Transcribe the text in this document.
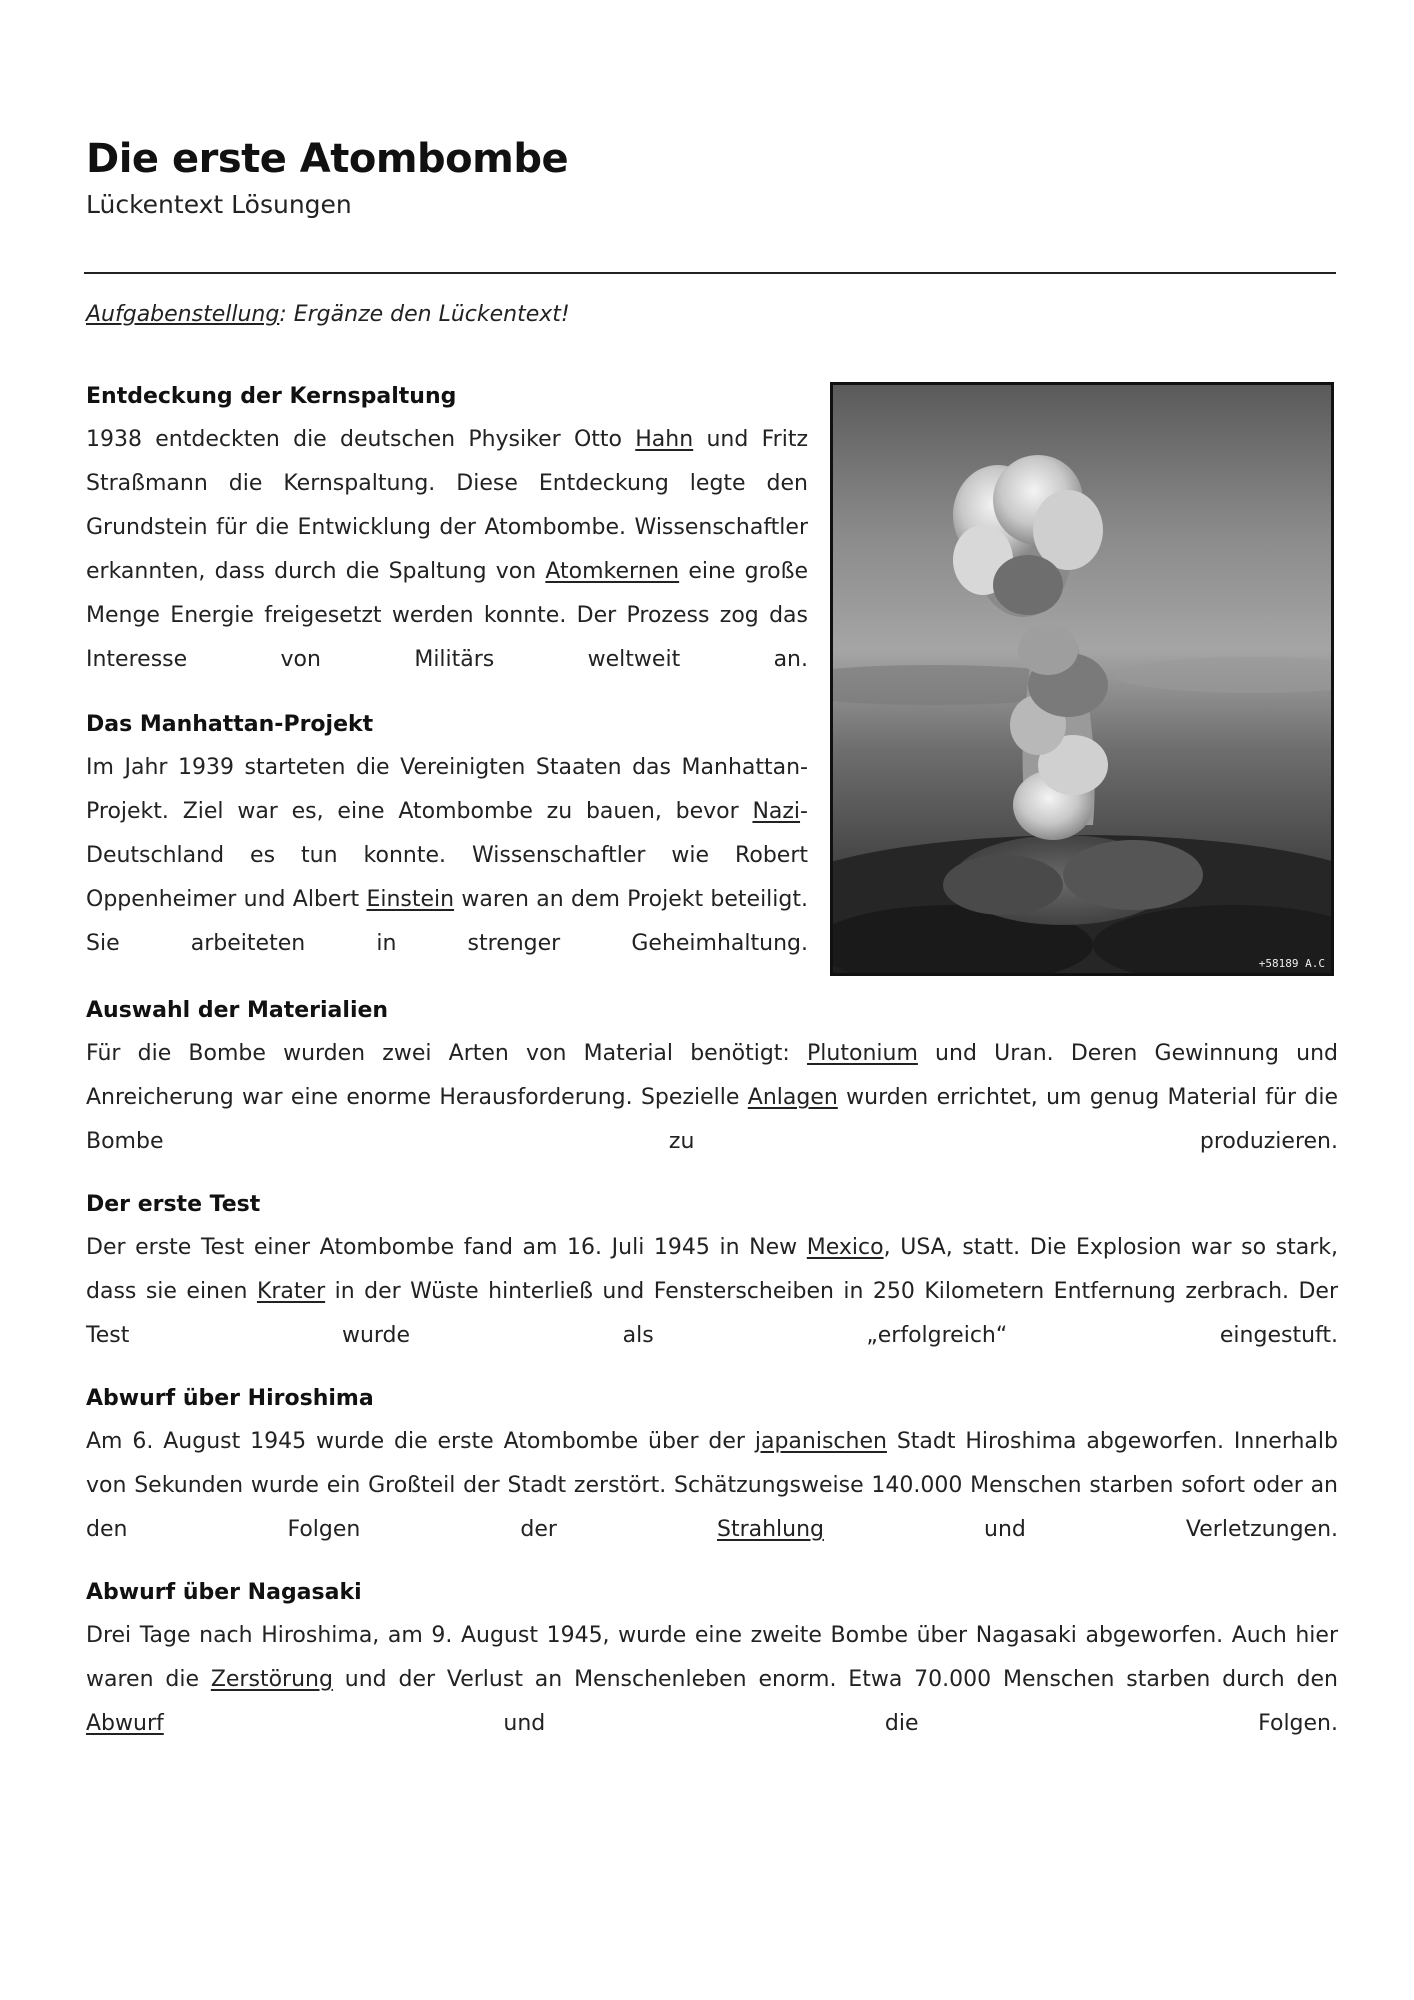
Die erste Atombombe
Lückentext Lösungen
Aufgabenstellung: Ergänze den Lückentext!
Entdeckung der Kernspaltung

1938 entdeckten die deutschen Physiker Otto Hahn und Fritz Straßmann die Kernspaltung. Diese Entdeckung legte den Grundstein für die Entwicklung der Atombombe. Wissenschaftler erkannten, dass durch die Spaltung von Atomkernen eine große Menge Energie freigesetzt werden konnte. Der Prozess zog das Interesse von Militärs weltweit an.

Das Manhattan-Projekt

Im Jahr 1939 starteten die Vereinigten Staaten das Manhattan-Projekt. Ziel war es, eine Atombombe zu bauen, bevor Nazi-Deutschland es tun konnte. Wissenschaftler wie Robert Oppenheimer und Albert Einstein waren an dem Projekt beteiligt. Sie arbeiteten in strenger Geheimhaltung.

Auswahl der Materialien

Für die Bombe wurden zwei Arten von Material benötigt: Plutonium und Uran. Deren Gewinnung und Anreicherung war eine enorme Herausforderung. Spezielle Anlagen wurden errichtet, um genug Material für die Bombe zu produzieren.

Der erste Test

Der erste Test einer Atombombe fand am 16. Juli 1945 in New Mexico, USA, statt. Die Explosion war so stark, dass sie einen Krater in der Wüste hinterließ und Fensterscheiben in 250 Kilometern Entfernung zerbrach. Der Test wurde als „erfolgreich“ eingestuft.

Abwurf über Hiroshima

Am 6. August 1945 wurde die erste Atombombe über der japanischen Stadt Hiroshima abgeworfen. Innerhalb von Sekunden wurde ein Großteil der Stadt zerstört. Schätzungsweise 140.000 Menschen starben sofort oder an den Folgen der Strahlung und Verletzungen.

Abwurf über Nagasaki

Drei Tage nach Hiroshima, am 9. August 1945, wurde eine zweite Bombe über Nagasaki abgeworfen. Auch hier waren die Zerstörung und der Verlust an Menschenleben enorm. Etwa 70.000 Menschen starben durch den Abwurf und die Folgen.

+58189 A.C
